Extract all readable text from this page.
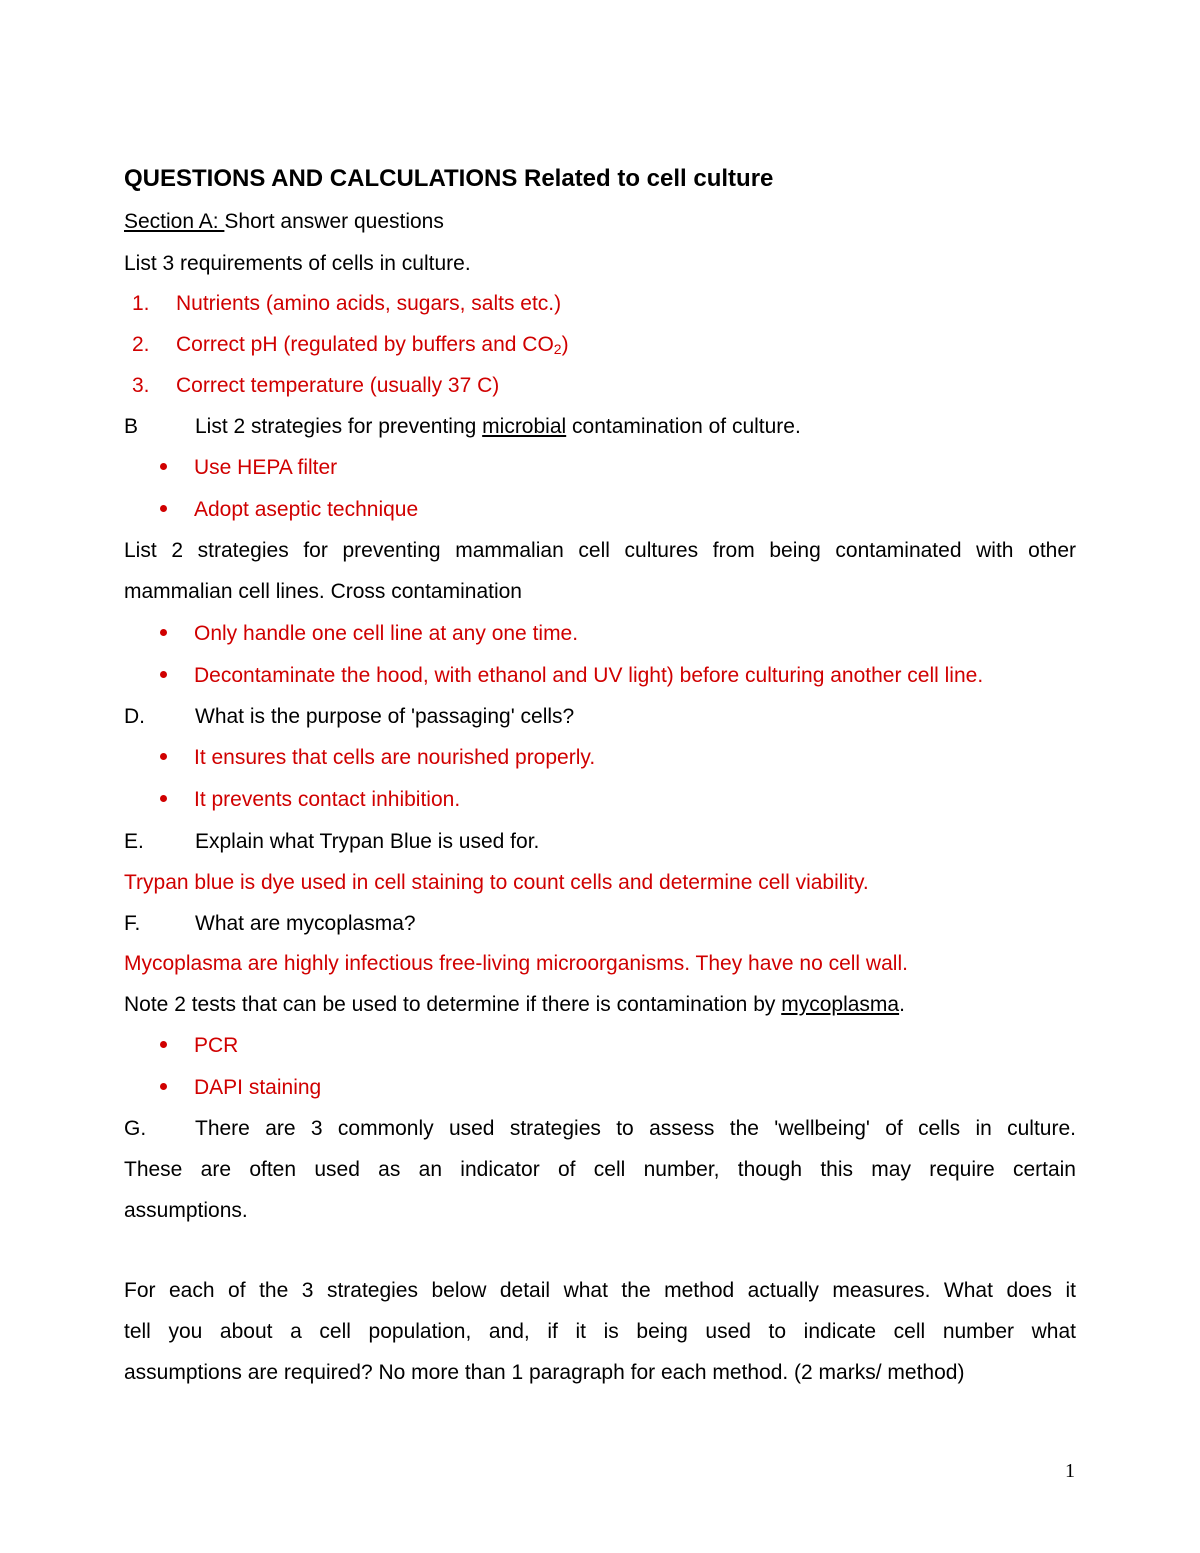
QUESTIONS AND CALCULATIONS Related to cell culture
Section A: Short answer questions
List 3 requirements of cells in culture.
1. Nutrients (amino acids, sugars, salts etc.)
2. Correct pH (regulated by buffers and $CO_2$)
3. Correct temperature (usually 37 C)
B	List 2 strategies for preventing microbial contamination of culture.
Use HEPA filter
Adopt aseptic technique
List 2 strategies for preventing mammalian cell cultures from being contaminated with other
mammalian cell lines. Cross contamination
Only handle one cell line at any one time.
Decontaminate the hood, with ethanol and UV light) before culturing another cell line.
D. What is the purpose of 'passaging' cells?
It ensures that cells are nourished properly.
It prevents contact inhibition.
E. Explain what Trypan Blue is used for.
Trypan blue is dye used in cell staining to count cells and determine cell viability.
F.	What are mycoplasma?
Mycoplasma are highly infectious free-living microorganisms. They have no cell wall.
Note 2 tests that can be used to determine if there is contamination by mycoplasma.
PCR
DAPI staining
G. There are 3 commonly used strategies to assess the 'wellbeing' of cells in culture.
These are often used as an indicator of cell number, though this may require certain
assumptions.
For each of the 3 strategies below detail what the method actually measures. What does it
tell you about a cell population, and, if it is being used to indicate cell number what
assumptions are required? No more than 1 paragraph for each method. (2 marks/ method)
1
